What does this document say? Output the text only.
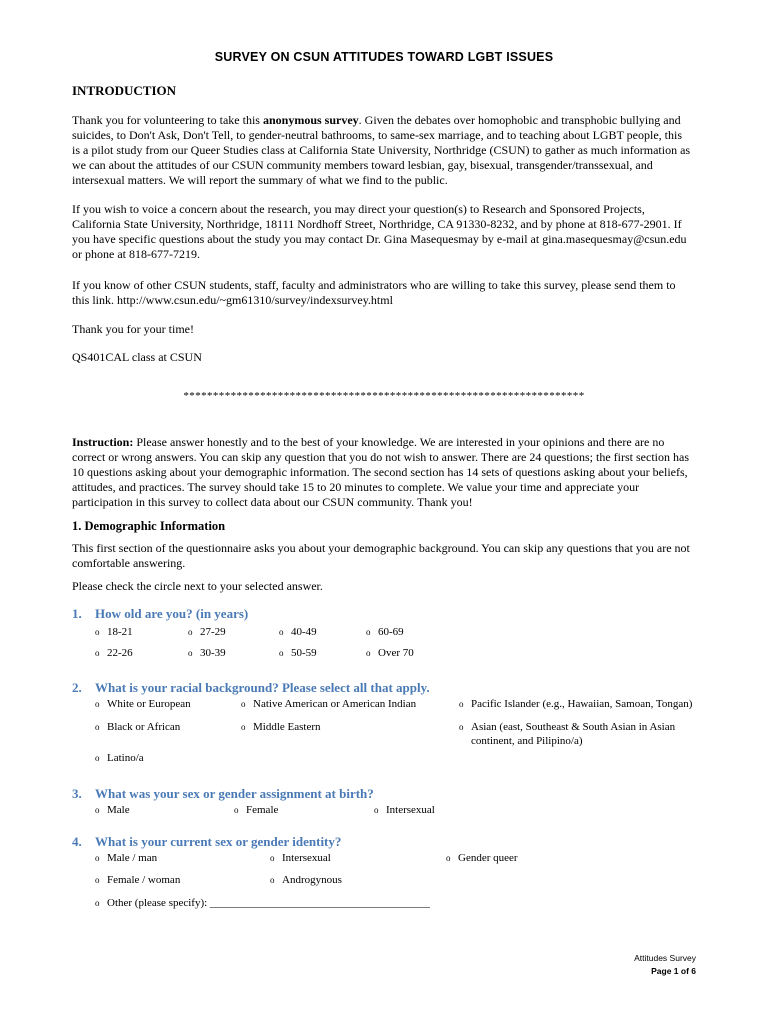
SURVEY ON CSUN ATTITUDES TOWARD LGBT ISSUES
INTRODUCTION
Thank you for volunteering to take this anonymous survey. Given the debates over homophobic and transphobic bullying and suicides, to Don't Ask, Don't Tell, to gender-neutral bathrooms, to same-sex marriage, and to teaching about LGBT people, this is a pilot study from our Queer Studies class at California State University, Northridge (CSUN) to gather as much information as we can about the attitudes of our CSUN community members toward lesbian, gay, bisexual, transgender/transsexual, and intersexual matters. We will report the summary of what we find to the public.
If you wish to voice a concern about the research, you may direct your question(s) to Research and Sponsored Projects, California State University, Northridge, 18111 Nordhoff Street, Northridge, CA 91330-8232, and by phone at 818-677-2901. If you have specific questions about the study you may contact Dr. Gina Masequesmay by e-mail at gina.masequesmay@csun.edu or phone at 818-677-7219.
If you know of other CSUN students, staff, faculty and administrators who are willing to take this survey, please send them to this link. http://www.csun.edu/~gm61310/survey/indexsurvey.html
Thank you for your time!
QS401CAL class at CSUN
********************************************************************
Instruction: Please answer honestly and to the best of your knowledge. We are interested in your opinions and there are no correct or wrong answers. You can skip any question that you do not wish to answer. There are 24 questions; the first section has 10 questions asking about your demographic information. The second section has 14 sets of questions asking about your beliefs, attitudes, and practices. The survey should take 15 to 20 minutes to complete. We value your time and appreciate your participation in this survey to collect data about our CSUN community. Thank you!
1. Demographic Information
This first section of the questionnaire asks you about your demographic background. You can skip any questions that you are not comfortable answering.
Please check the circle next to your selected answer.
1. How old are you? (in years)
o 18-21	o 27-29	o 40-49	o 60-69
o 22-26	o 30-39	o 50-59	o Over 70
2. What is your racial background? Please select all that apply.
o White or European	o Native American or American Indian	o Pacific Islander (e.g., Hawaiian, Samoan, Tongan)
o Black or African	o Middle Eastern	o Asian (east, Southeast & South Asian in Asian continent, and Pilipino/a)
o Latino/a
3. What was your sex or gender assignment at birth?
o Male	o Female	o Intersexual
4. What is your current sex or gender identity?
o Male / man	o Intersexual	o Gender queer
o Female / woman	o Androgynous
o Other (please specify): ________________________________________
Attitudes Survey
Page 1 of 6
